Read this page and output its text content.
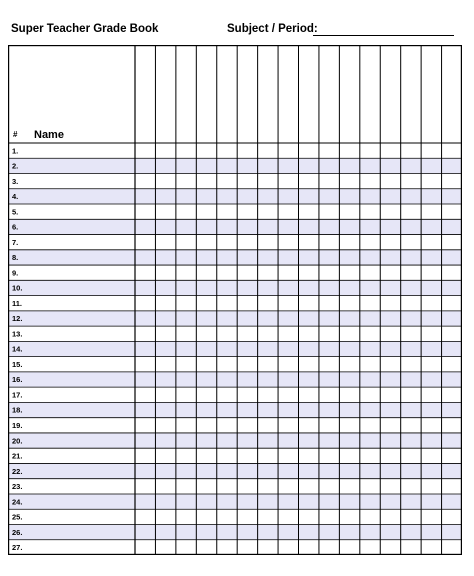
Super Teacher Grade Book	Subject / Period:
# Name
1.
2.
3.
4.
5.
6.
7.
8.
9.
10.
11.
12.
13.
14.
15.
16.
17.
18.
19.
20.
21.
22.
23.
24.
25.
26.
27.
